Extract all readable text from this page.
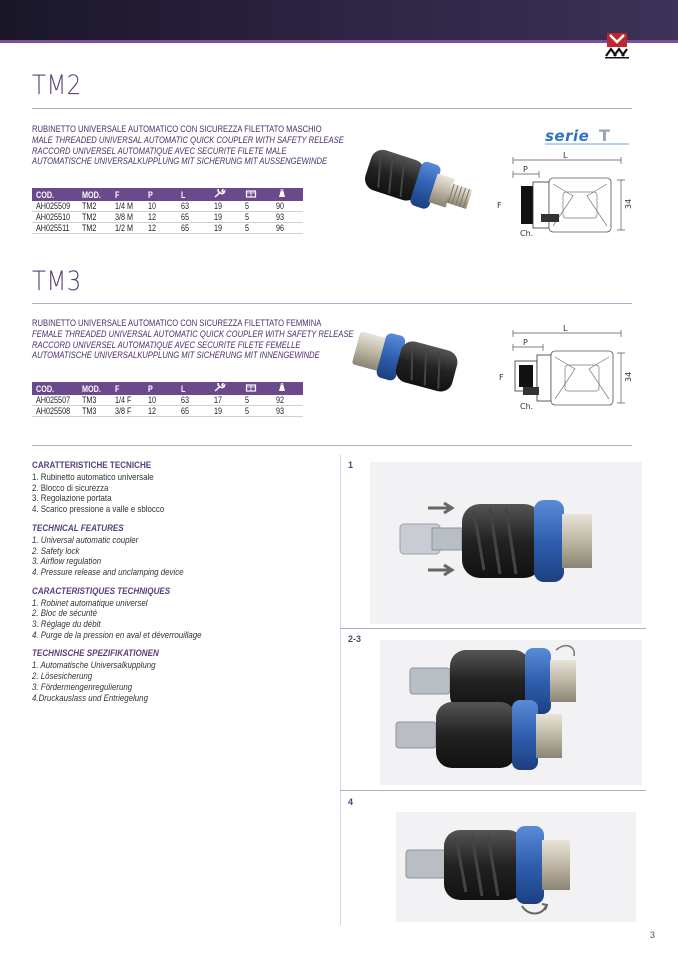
TM2
RUBINETTO UNIVERSALE AUTOMATICO CON SICUREZZA FILETTATO MASCHIO
MALE THREADED UNIVERSAL AUTOMATIC QUICK COUPLER WITH SAFETY RELEASE
RACCORD UNIVERSEL AUTOMATIQUE AVEC SECURITE FILETE MALE
AUTOMATISCHE UNIVERSALKUPPLUNG MIT SICHERUNG MIT AUSSENGEWINDE
serie T
COD.	MOD.	F	P	L			
AH025509	TM2	1/4 M	10	63	19	5	90
AH025510	TM2	3/8 M	12	65	19	5	93
AH025511	TM2	1/2 M	12	65	19	5	96
L
P
F
Ch.
34
TM3
RUBINETTO UNIVERSALE AUTOMATICO CON SICUREZZA FILETTATO FEMMINA
FEMALE THREADED UNIVERSAL AUTOMATIC QUICK COUPLER WITH SAFETY RELEASE
RACCORD UNIVERSEL AUTOMATIQUE AVEC SECURITE FILETE FEMELLE
AUTOMATISCHE UNIVERSALKUPPLUNG MIT SICHERUNG MIT INNENGEWINDE
COD.	MOD.	F	P	L			
AH025507	TM3	1/4 F	10	63	17	5	92
AH025508	TM3	3/8 F	12	65	19	5	93
L
P
F
Ch.
34
CARATTERISTICHE TECNICHE
1. Rubinetto automatico universale
2. Blocco di sicurezza
3. Regolazione portata
4. Scarico pressione a valle e sblocco
TECHNICAL FEATURES
1. Universal automatic coupler
2. Safety lock
3. Airflow regulation
4. Pressure release and unclamping device
CARACTERISTIQUES TECHNIQUES
1. Robinet automatique universel
2. Bloc de sécurité
3. Réglage du débit
4. Purge de la pression en aval et déverrouillage
TECHNISCHE SPEZIFIKATIONEN
1. Automatische Universalkupplung
2. Lösesicherung
3. Fördermengenregulierung
4.Druckauslass und Entriegelung
1
2-3
4
3
